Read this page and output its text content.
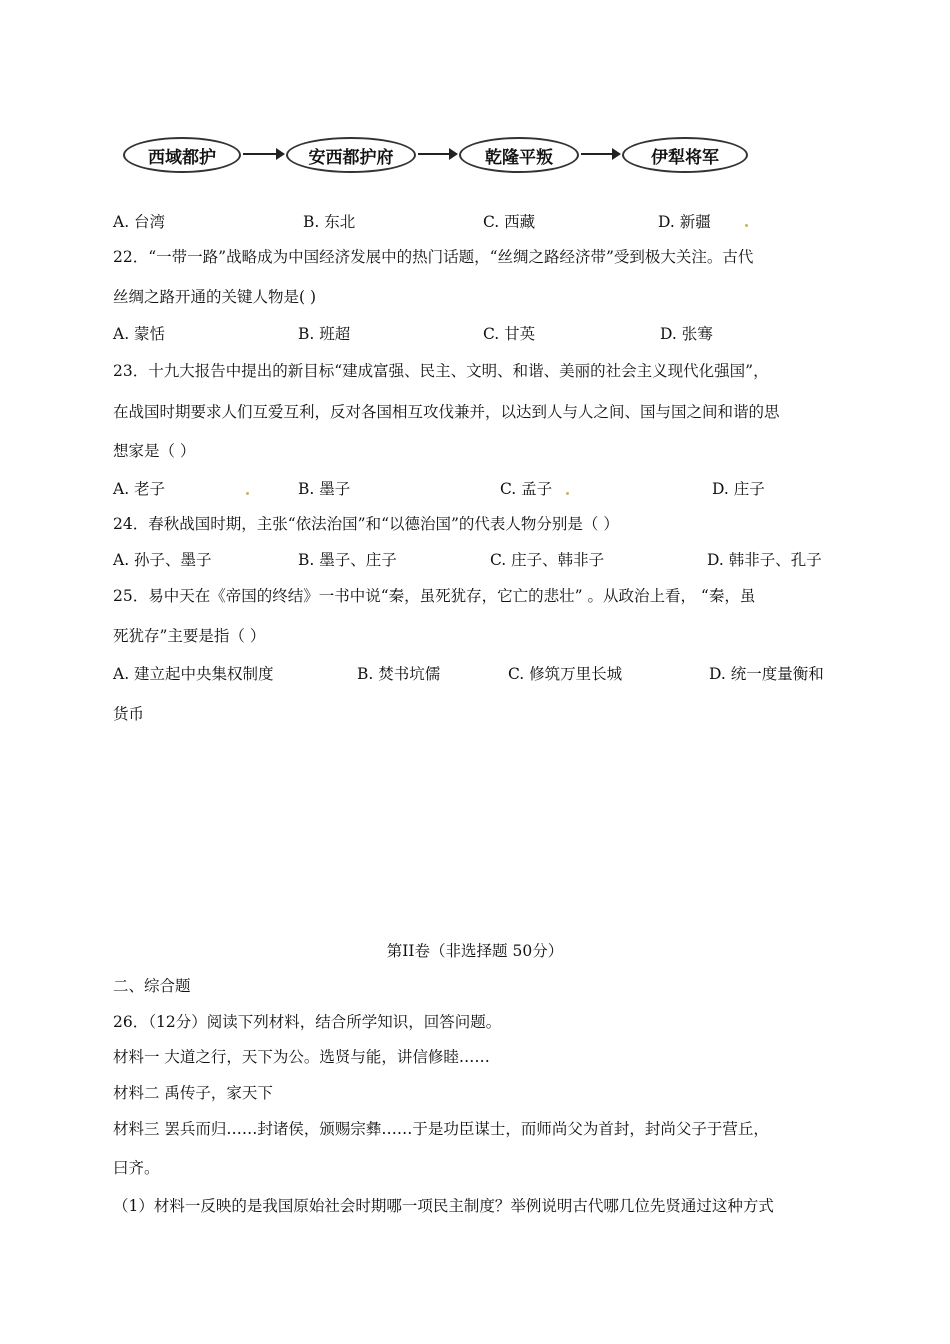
西域都护	安西都护府	乾隆平叛	伊犁将军
A. 台湾	B. 东北	C. 西藏	D. 新疆
22．“一带一路”战略成为中国经济发展中的热门话题，“丝绸之路经济带”受到极大关注。古代
丝绸之路开通的关键人物是( )
A. 蒙恬	B. 班超	C. 甘英	D. 张骞
23．十九大报告中提出的新目标“建成富强、民主、文明、和谐、美丽的社会主义现代化强国”，
在战国时期要求人们互爱互利，反对各国相互攻伐兼并，以达到人与人之间、国与国之间和谐的思
想家是（ ）
A. 老子	B. 墨子	C. 孟子	D. 庄子
24．春秋战国时期，主张“依法治国”和“以德治国”的代表人物分别是（ ）
A. 孙子、墨子	B. 墨子、庄子	C. 庄子、韩非子	D. 韩非子、孔子
25．易中天在《帝国的终结》一书中说“秦，虽死犹存，它亡的悲壮” 。从政治上看， “秦，虽
死犹存”主要是指（ ）
A. 建立起中央集权制度	B. 焚书坑儒	C. 修筑万里长城	D. 统一度量衡和
货币
第II卷（非选择题 50分）
二、综合题
26．（12分）阅读下列材料，结合所学知识，回答问题。
材料一 大道之行，天下为公。选贤与能，讲信修睦……
材料二 禹传子，家天下
材料三 罢兵而归……封诸侯，颁赐宗彝……于是功臣谋士，而师尚父为首封，封尚父子于营丘，
曰齐。
（1）材料一反映的是我国原始社会时期哪一项民主制度？举例说明古代哪几位先贤通过这种方式
